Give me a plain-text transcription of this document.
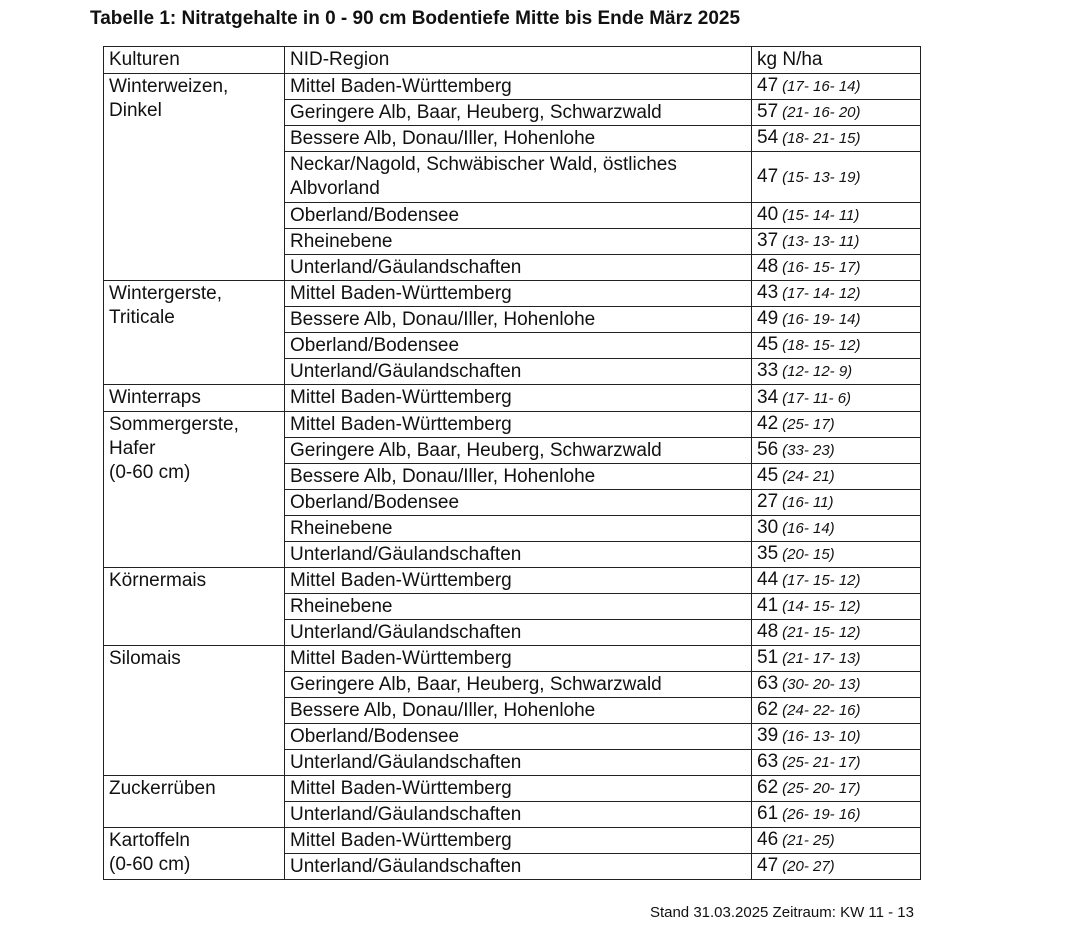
Tabelle 1: Nitratgehalte in 0 - 90 cm Bodentiefe Mitte bis Ende März 2025
Kulturen	NID-Region	kg N/ha

Winterweizen,
Dinkel	Mittel Baden-Württemberg	47 (17- 16- 14)
	Geringere Alb, Baar, Heuberg, Schwarzwald	57 (21- 16- 20)
	Bessere Alb, Donau/Iller, Hohenlohe	54 (18- 21- 15)
	Neckar/Nagold, Schwäbischer Wald, östliches Albvorland	47 (15- 13- 19)
	Oberland/Bodensee	40 (15- 14- 11)
	Rheinebene	37 (13- 13- 11)
	Unterland/Gäulandschaften	48 (16- 15- 17)

Wintergerste,
Triticale	Mittel Baden-Württemberg	43 (17- 14- 12)
	Bessere Alb, Donau/Iller, Hohenlohe	49 (16- 19- 14)
	Oberland/Bodensee	45 (18- 15- 12)
	Unterland/Gäulandschaften	33 (12- 12- 9)

Winterraps	Mittel Baden-Württemberg	34 (17- 11- 6)

Sommergerste,
Hafer
(0-60 cm)	Mittel Baden-Württemberg	42 (25- 17)
	Geringere Alb, Baar, Heuberg, Schwarzwald	56 (33- 23)
	Bessere Alb, Donau/Iller, Hohenlohe	45 (24- 21)
	Oberland/Bodensee	27 (16- 11)
	Rheinebene	30 (16- 14)
	Unterland/Gäulandschaften	35 (20- 15)

Körnermais	Mittel Baden-Württemberg	44 (17- 15- 12)
	Rheinebene	41 (14- 15- 12)
	Unterland/Gäulandschaften	48 (21- 15- 12)

Silomais	Mittel Baden-Württemberg	51 (21- 17- 13)
	Geringere Alb, Baar, Heuberg, Schwarzwald	63 (30- 20- 13)
	Bessere Alb, Donau/Iller, Hohenlohe	62 (24- 22- 16)
	Oberland/Bodensee	39 (16- 13- 10)
	Unterland/Gäulandschaften	63 (25- 21- 17)

Zuckerrüben	Mittel Baden-Württemberg	62 (25- 20- 17)
	Unterland/Gäulandschaften	61 (26- 19- 16)

Kartoffeln
(0-60 cm)	Mittel Baden-Württemberg	46 (21- 25)
	Unterland/Gäulandschaften	47 (20- 27)
Stand 31.03.2025 Zeitraum: KW 11 - 13
